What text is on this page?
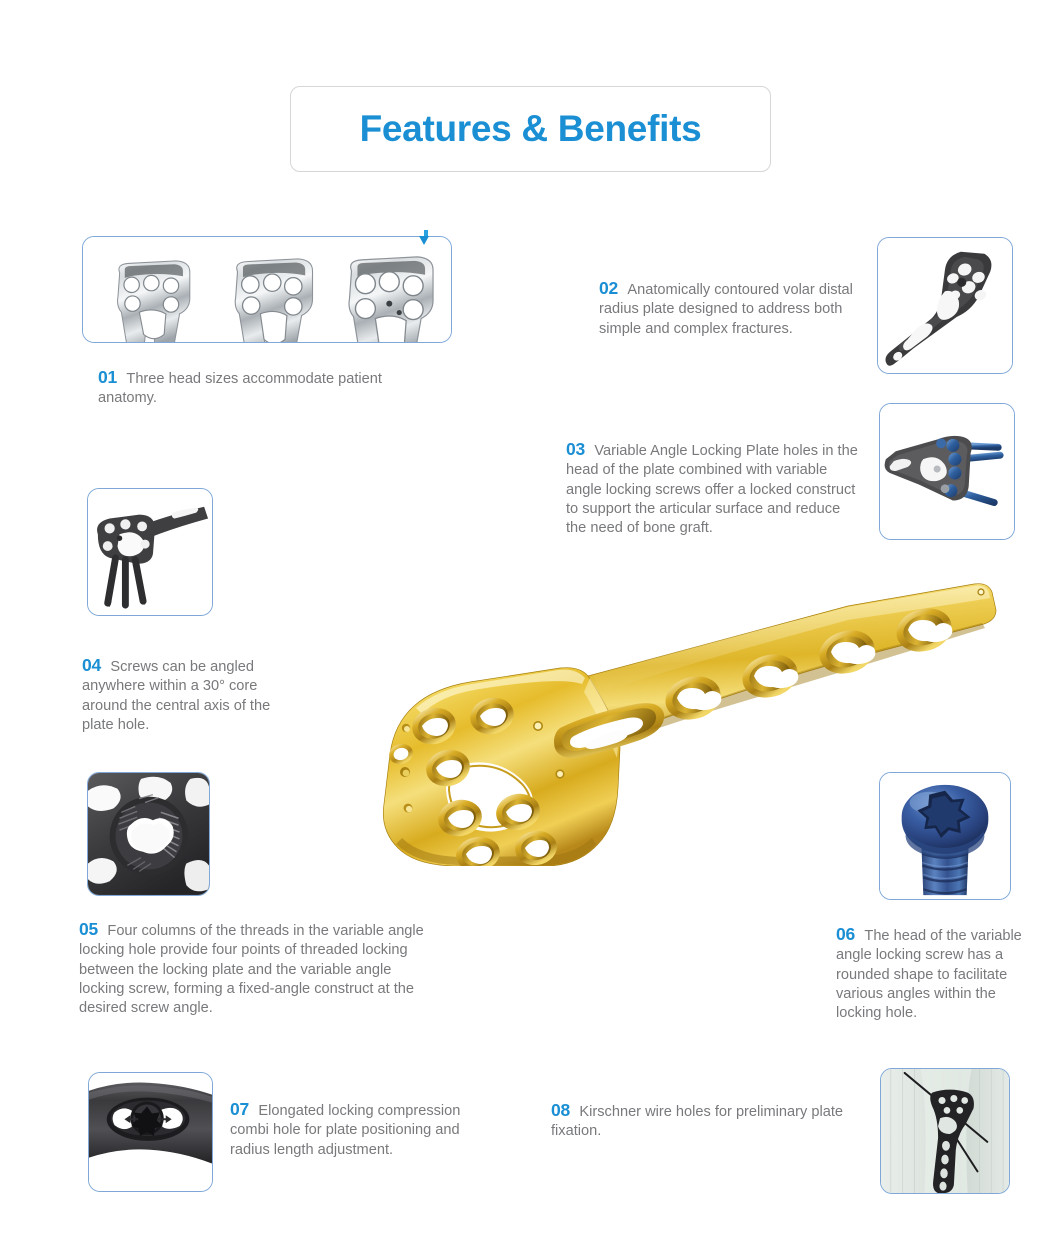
Features & Benefits
01 Three head sizes accommodate patient anatomy.
02 Anatomically contoured volar distal radius plate designed to address both simple and complex fractures.
03 Variable Angle Locking Plate holes in the head of the plate combined with variable angle locking screws offer a locked construct to support the articular surface and reduce the need of bone graft.
04 Screws can be angled anywhere within a 30° core around the central axis of the plate hole.
05 Four columns of the threads in the variable angle locking hole provide four points of threaded locking between the locking plate and the variable angle locking screw, forming a fixed-angle construct at the desired screw angle.
06 The head of the variable angle locking screw has a rounded shape to facilitate various angles within the locking hole.
07 Elongated locking compression combi hole for plate positioning and radius length adjustment.
08 Kirschner wire holes for preliminary plate fixation.
